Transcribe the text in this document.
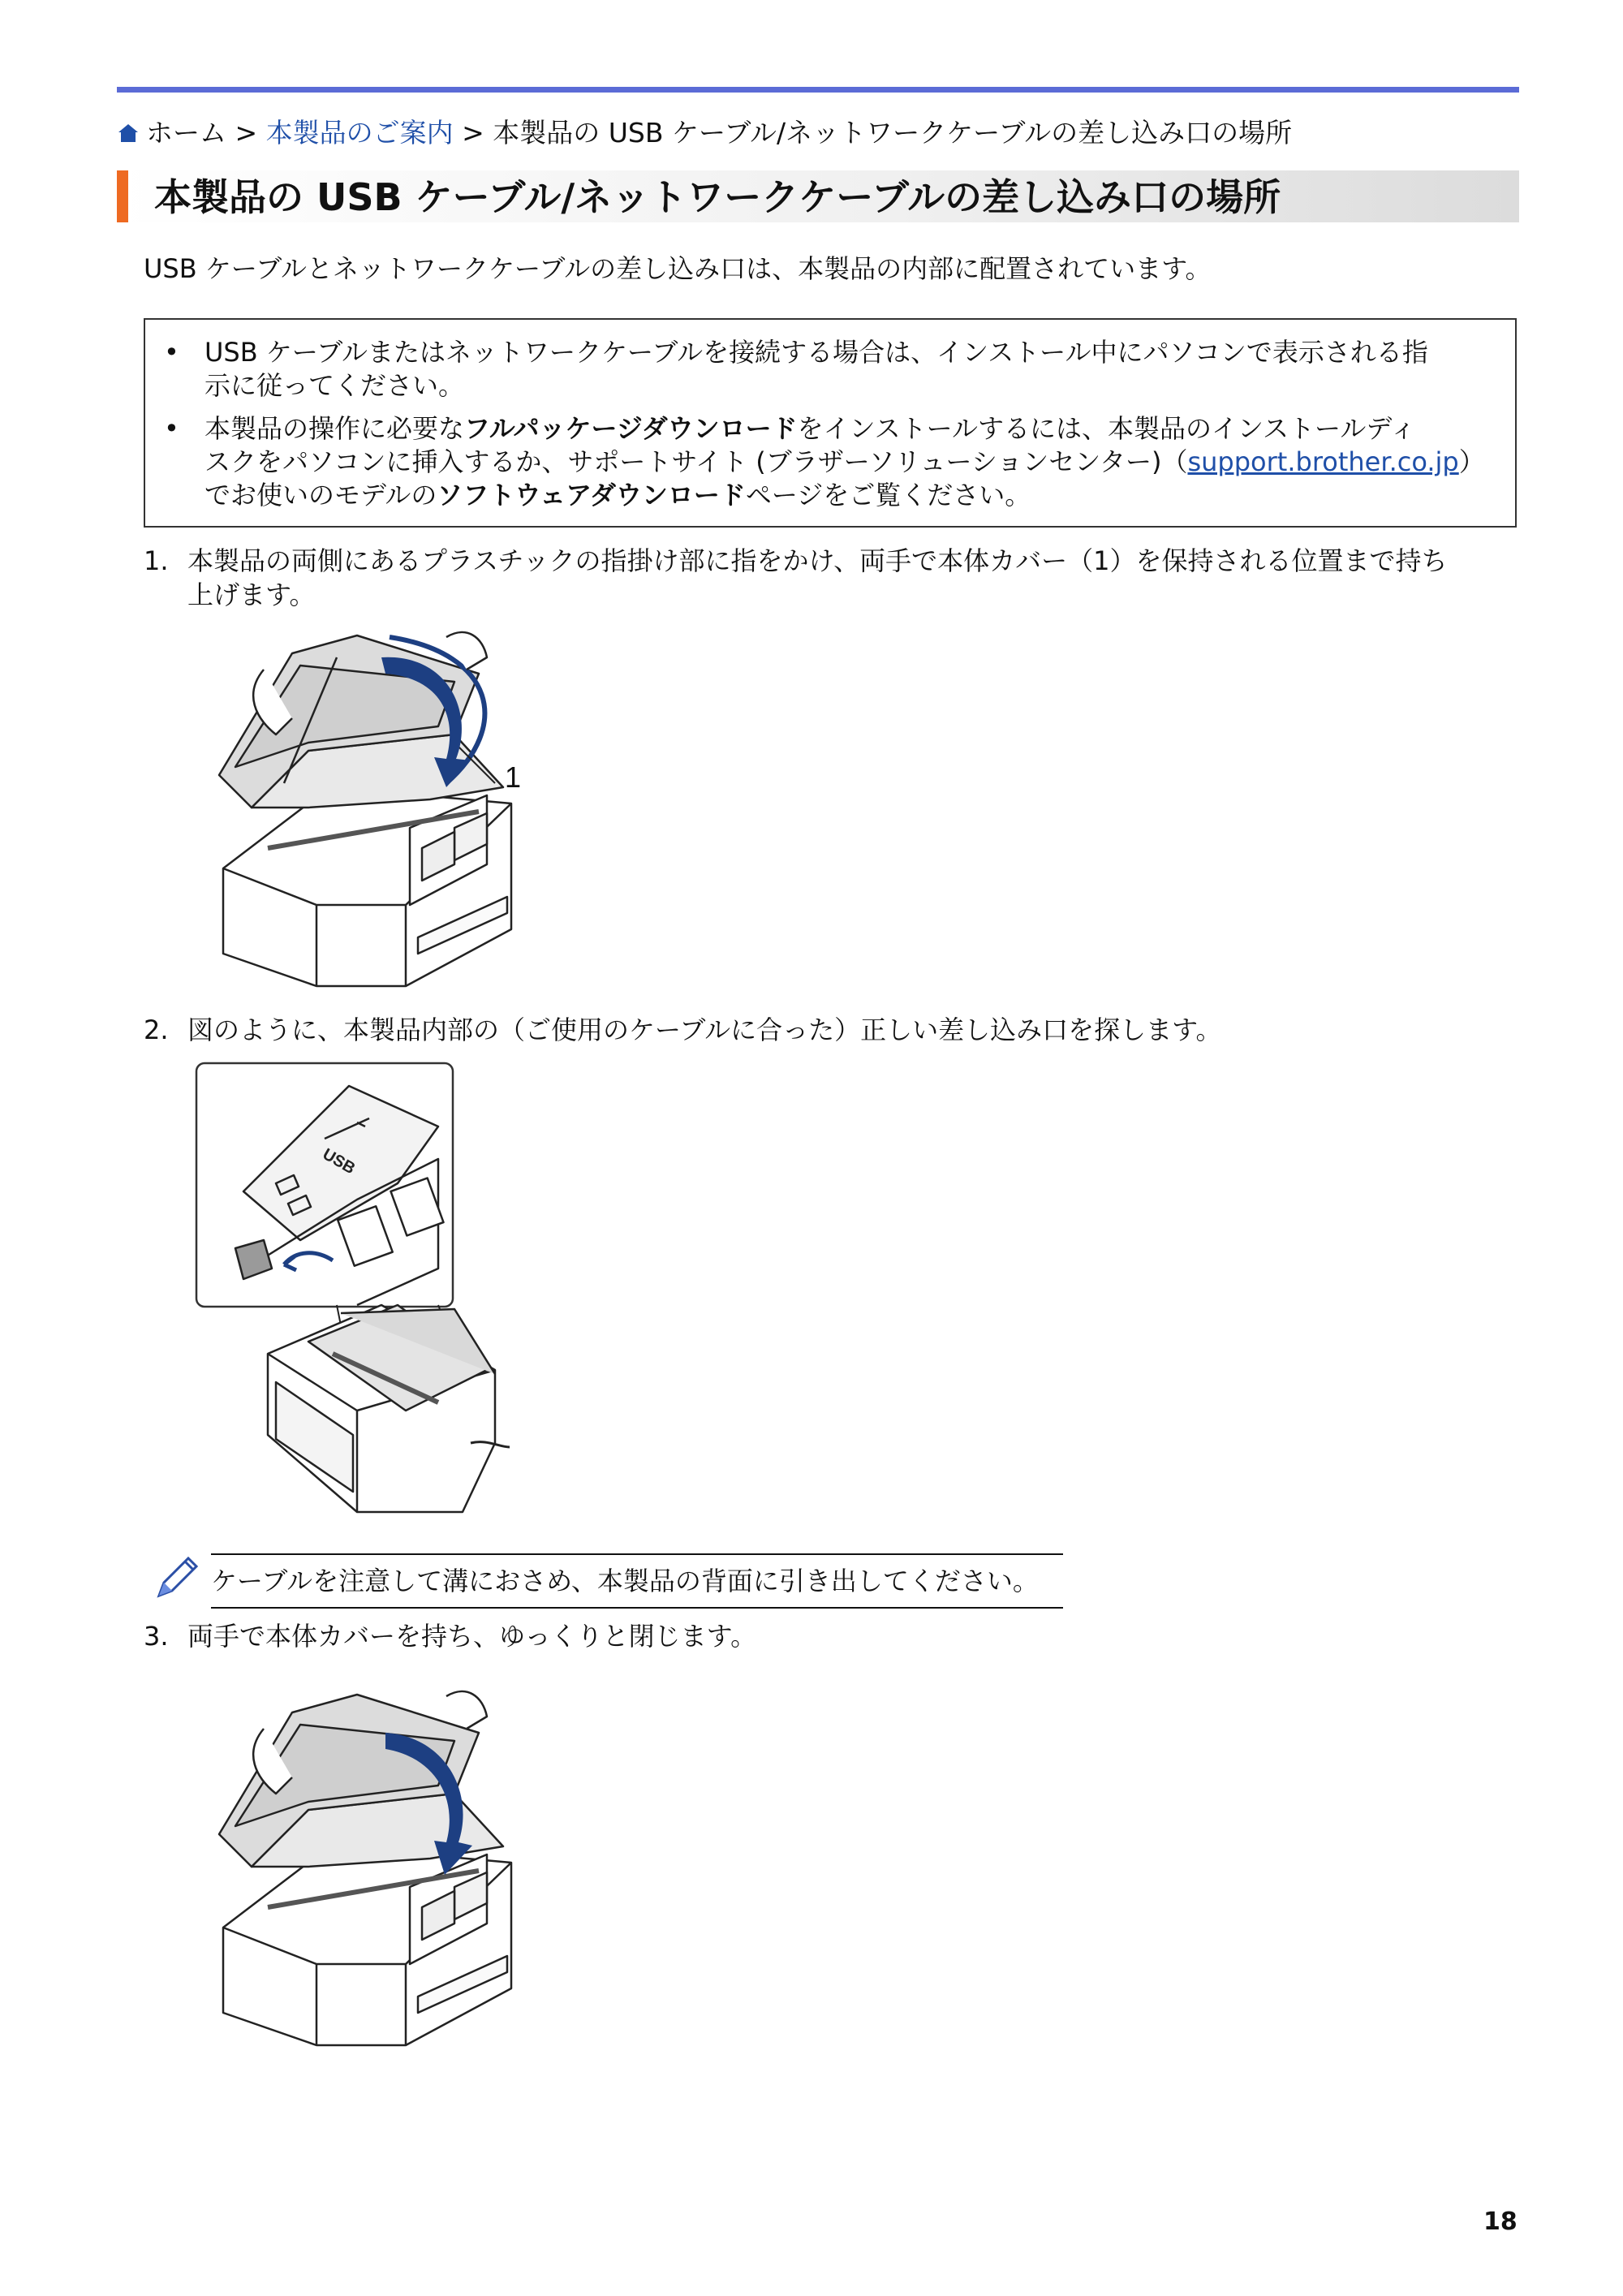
ホーム > 本製品のご案内 > 本製品の USB ケーブル/ネットワークケーブルの差し込み口の場所
本製品の USB ケーブル/ネットワークケーブルの差し込み口の場所
USB ケーブルとネットワークケーブルの差し込み口は、本製品の内部に配置されています。
• USB ケーブルまたはネットワークケーブルを接続する場合は、インストール中にパソコンで表示される指
示に従ってください。
• 本製品の操作に必要なフルパッケージダウンロードをインストールするには、本製品のインストールディ
スクをパソコンに挿入するか、サポートサイト (ブラザーソリューションセンター)（support.brother.co.jp）
でお使いのモデルのソフトウェアダウンロードページをご覧ください。
1. 本製品の両側にあるプラスチックの指掛け部に指をかけ、両手で本体カバー（1）を保持される位置まで持ち
上げます。
1
2. 図のように、本製品内部の（ご使用のケーブルに合った）正しい差し込み口を探します。
USB
ケーブルを注意して溝におさめ、本製品の背面に引き出してください。
3. 両手で本体カバーを持ち、ゆっくりと閉じます。
18
